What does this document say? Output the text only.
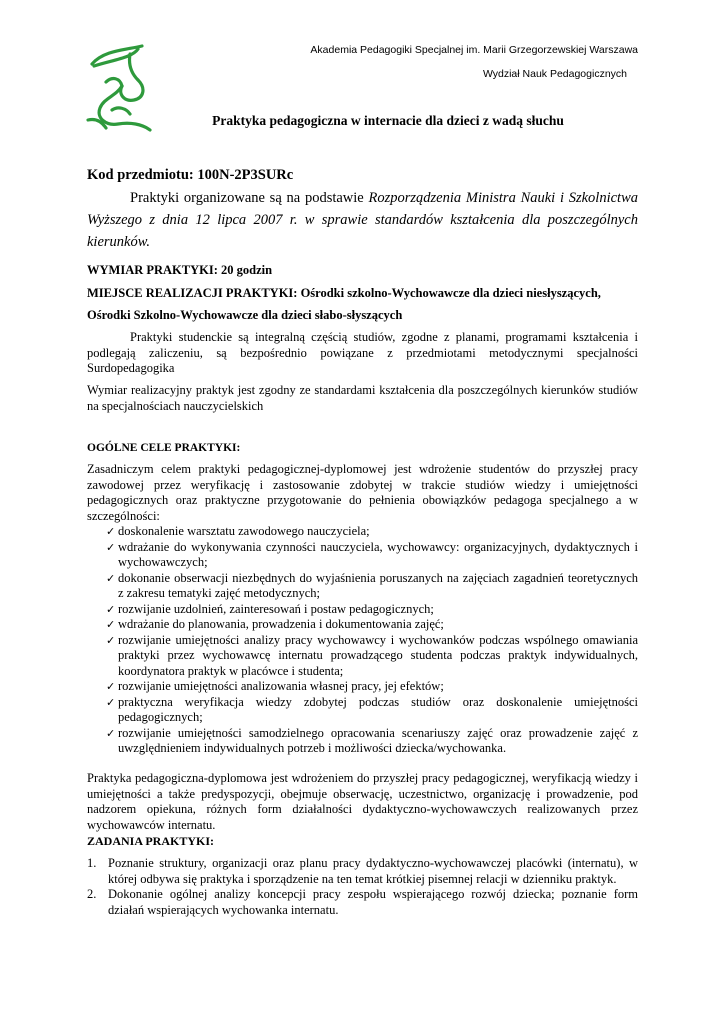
Akademia Pedagogiki Specjalnej im. Marii Grzegorzewskiej Warszawa
Wydział Nauk Pedagogicznych
Praktyka pedagogiczna w internacie dla dzieci z wadą słuchu
Kod przedmiotu: 100N-2P3SURc
Praktyki organizowane są na podstawie Rozporządzenia Ministra Nauki i Szkolnictwa Wyższego z dnia 12 lipca 2007 r. w sprawie standardów kształcenia dla poszczególnych kierunków.
WYMIAR PRAKTYKI: 20 godzin
MIEJSCE REALIZACJI PRAKTYKI: Ośrodki szkolno-Wychowawcze dla dzieci niesłyszących,
Ośrodki Szkolno-Wychowawcze dla dzieci słabo-słyszących

Praktyki studenckie są integralną częścią studiów, zgodne z planami, programami kształcenia i podlegają zaliczeniu, są bezpośrednio powiązane z przedmiotami metodycznymi specjalności Surdopedagogika

Wymiar realizacyjny praktyk jest zgodny ze standardami kształcenia dla poszczególnych kierunków studiów na specjalnościach nauczycielskich

OGÓLNE CELE PRAKTYKI:

Zasadniczym celem praktyki pedagogicznej-dyplomowej jest wdrożenie studentów do przyszłej pracy zawodowej przez weryfikację i zastosowanie zdobytej w trakcie studiów wiedzy i umiejętności pedagogicznych oraz praktyczne przygotowanie do pełnienia obowiązków pedagoga specjalnego a w szczególności:

✓ doskonalenie warsztatu zawodowego nauczyciela;
✓ wdrażanie do wykonywania czynności nauczyciela, wychowawcy: organizacyjnych, dydaktycznych i wychowawczych;
✓ dokonanie obserwacji niezbędnych do wyjaśnienia poruszanych na zajęciach zagadnień teoretycznych z zakresu tematyki zajęć metodycznych;
✓ rozwijanie uzdolnień, zainteresowań i postaw pedagogicznych;
✓ wdrażanie do planowania, prowadzenia i dokumentowania zajęć;
✓ rozwijanie umiejętności analizy pracy wychowawcy i wychowanków podczas wspólnego omawiania praktyki przez wychowawcę internatu prowadzącego studenta podczas praktyk indywidualnych, koordynatora praktyk w placówce i studenta;
✓ rozwijanie umiejętności analizowania własnej pracy, jej efektów;
✓ praktyczna weryfikacja wiedzy zdobytej podczas studiów oraz doskonalenie umiejętności pedagogicznych;
✓ rozwijanie umiejętności samodzielnego opracowania scenariuszy zajęć oraz prowadzenie zajęć z uwzględnieniem indywidualnych potrzeb i możliwości dziecka/wychowanka.

Praktyka pedagogiczna-dyplomowa jest wdrożeniem do przyszłej pracy pedagogicznej, weryfikacją wiedzy i umiejętności a także predyspozycji, obejmuje obserwację, uczestnictwo, organizację i prowadzenie, pod nadzorem opiekuna, różnych form działalności dydaktyczno-wychowawczych realizowanych przez wychowawców internatu.

ZADANIA PRAKTYKI:
1. Poznanie struktury, organizacji oraz planu pracy dydaktyczno-wychowawczej placówki (internatu), w której odbywa się praktyka i sporządzenie na ten temat krótkiej pisemnej relacji w dzienniku praktyk.
2. Dokonanie ogólnej analizy koncepcji pracy zespołu wspierającego rozwój dziecka; poznanie form działań wspierających wychowanka internatu.
